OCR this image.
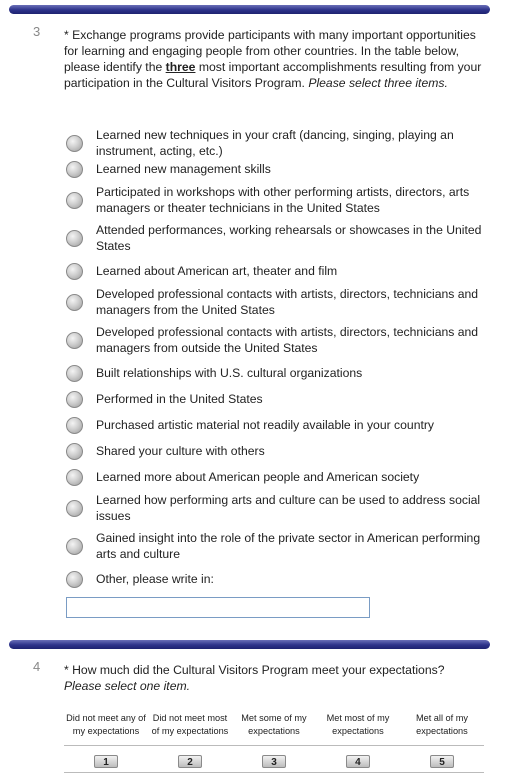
3 * Exchange programs provide participants with many important opportunities for learning and engaging people from other countries. In the table below, please identify the three most important accomplishments resulting from your participation in the Cultural Visitors Program. Please select three items.
Learned new techniques in your craft (dancing, singing, playing an instrument, acting, etc.)
Learned new management skills
Participated in workshops with other performing artists, directors, arts managers or theater technicians in the United States
Attended performances, working rehearsals or showcases in the United States
Learned about American art, theater and film
Developed professional contacts with artists, directors, technicians and managers from the United States
Developed professional contacts with artists, directors, technicians and managers from outside the United States
Built relationships with U.S. cultural organizations
Performed in the United States
Purchased artistic material not readily available in your country
Shared your culture with others
Learned more about American people and American society
Learned how performing arts and culture can be used to address social issues
Gained insight into the role of the private sector in American performing arts and culture
Other, please write in:
4 * How much did the Cultural Visitors Program meet your expectations?
Please select one item.
Did not meet any of my expectations	Did not meet most of my expectations	Met some of my expectations	Met most of my expectations	Met all of my expectations
1	2	3	4	5
